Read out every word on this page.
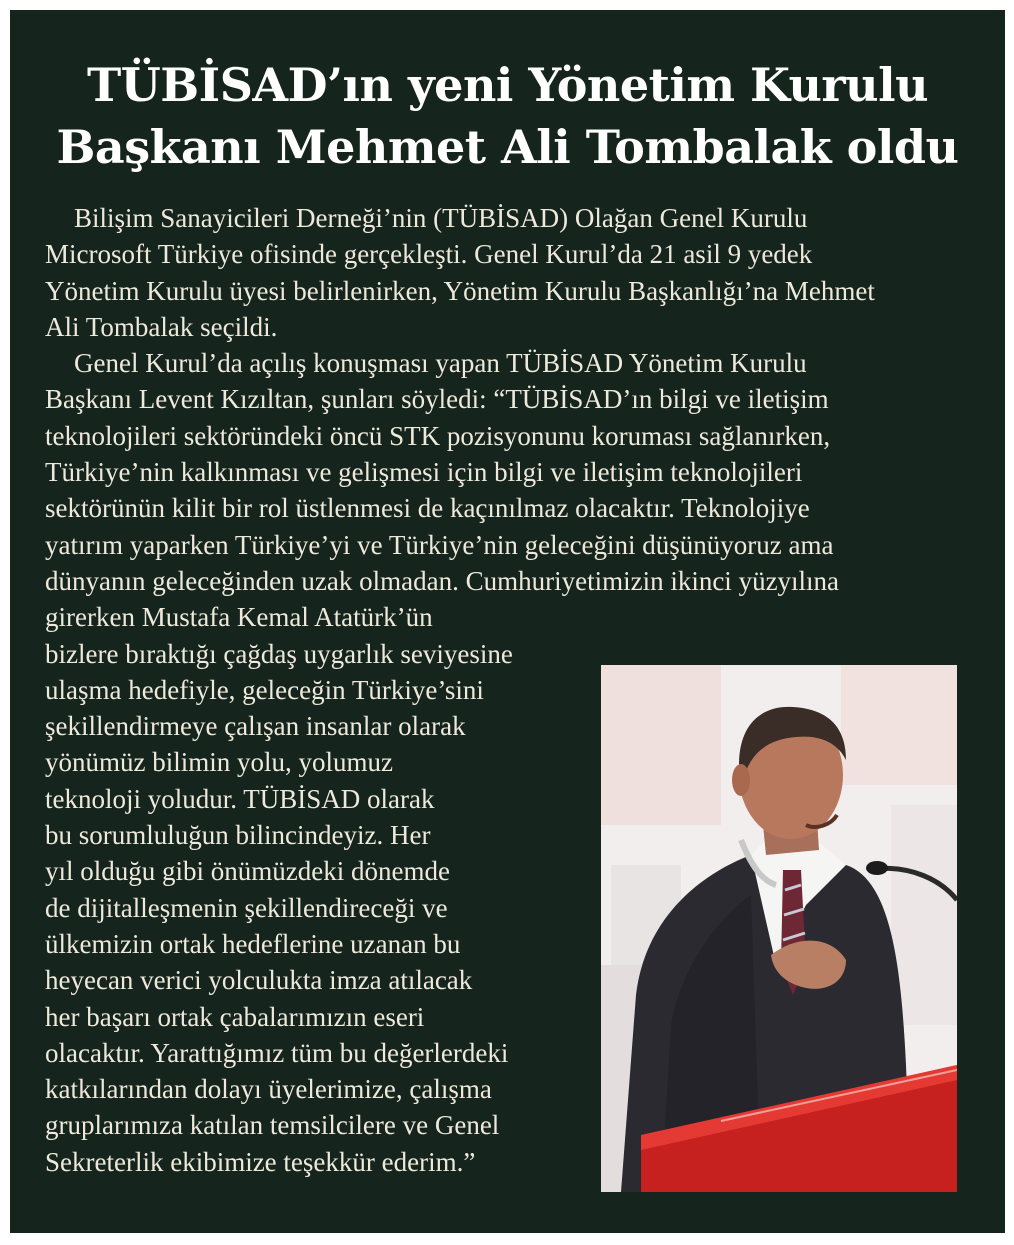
TÜBİSAD’ın yeni Yönetim Kurulu
Başkanı Mehmet Ali Tombalak oldu
Bilişim Sanayicileri Derneği’nin (TÜBİSAD) Olağan Genel Kurulu
Microsoft Türkiye ofisinde gerçekleşti. Genel Kurul’da 21 asil 9 yedek
Yönetim Kurulu üyesi belirlenirken, Yönetim Kurulu Başkanlığı’na Mehmet
Ali Tombalak seçildi.
Genel Kurul’da açılış konuşması yapan TÜBİSAD Yönetim Kurulu
Başkanı Levent Kızıltan, şunları söyledi: “TÜBİSAD’ın bilgi ve iletişim
teknolojileri sektöründeki öncü STK pozisyonunu koruması sağlanırken,
Türkiye’nin kalkınması ve gelişmesi için bilgi ve iletişim teknolojileri
sektörünün kilit bir rol üstlenmesi de kaçınılmaz olacaktır. Teknolojiye
yatırım yaparken Türkiye’yi ve Türkiye’nin geleceğini düşünüyoruz ama
dünyanın geleceğinden uzak olmadan. Cumhuriyetimizin ikinci yüzyılına
girerken Mustafa Kemal Atatürk’ün
bizlere bıraktığı çağdaş uygarlık seviyesine
ulaşma hedefiyle, geleceğin Türkiye’sini
şekillendirmeye çalışan insanlar olarak
yönümüz bilimin yolu, yolumuz
teknoloji yoludur. TÜBİSAD olarak
bu sorumluluğun bilincindeyiz. Her
yıl olduğu gibi önümüzdeki dönemde
de dijitalleşmenin şekillendireceği ve
ülkemizin ortak hedeflerine uzanan bu
heyecan verici yolculukta imza atılacak
her başarı ortak çabalarımızın eseri
olacaktır. Yarattığımız tüm bu değerlerdeki
katkılarından dolayı üyelerimize, çalışma
gruplarımıza katılan temsilcilere ve Genel
Sekreterlik ekibimize teşekkür ederim.”
